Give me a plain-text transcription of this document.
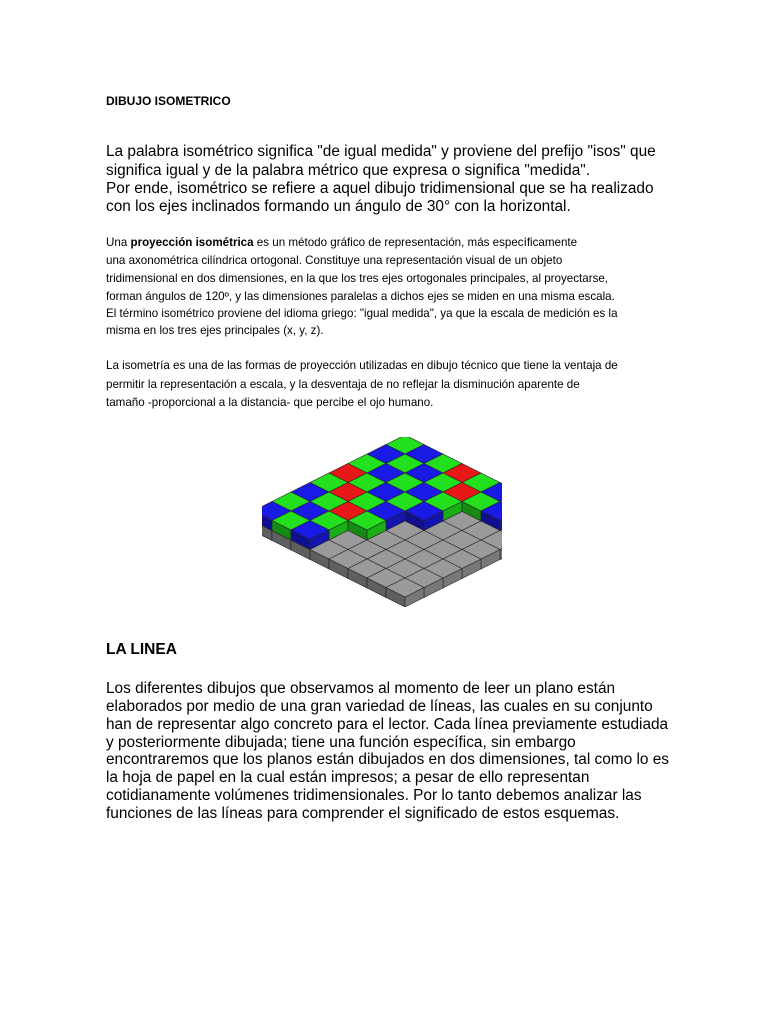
DIBUJO ISOMETRICO
La palabra isométrico significa "de igual medida" y proviene del prefijo "isos" que
significa igual y de la palabra métrico que expresa o significa "medida".
Por ende, isométrico se refiere a aquel dibujo tridimensional que se ha realizado
con los ejes inclinados formando un ángulo de 30° con la horizontal.
Una proyección isométrica es un método gráfico de representación, más específicamente
una axonométrica cilíndrica ortogonal. Constituye una representación visual de un objeto
tridimensional en dos dimensiones, en la que los tres ejes ortogonales principales, al proyectarse,
forman ángulos de 120º, y las dimensiones paralelas a dichos ejes se miden en una misma escala.
El término isométrico proviene del idioma griego: "igual medida", ya que la escala de medición es la
misma en los tres ejes principales (x, y, z).
La isometría es una de las formas de proyección utilizadas en dibujo técnico que tiene la ventaja de
permitir la representación a escala, y la desventaja de no reflejar la disminución aparente de
tamaño -proporcional a la distancia- que percibe el ojo humano.
LA LINEA
Los diferentes dibujos que observamos al momento de leer un plano están
elaborados por medio de una gran variedad de líneas, las cuales en su conjunto
han de representar algo concreto para el lector. Cada línea previamente estudiada
y posteriormente dibujada; tiene una función específica, sin embargo
encontraremos que los planos están dibujados en dos dimensiones, tal como lo es
la hoja de papel en la cual están impresos; a pesar de ello representan
cotidianamente volúmenes tridimensionales. Por lo tanto debemos analizar las
funciones de las líneas para comprender el significado de estos esquemas.
